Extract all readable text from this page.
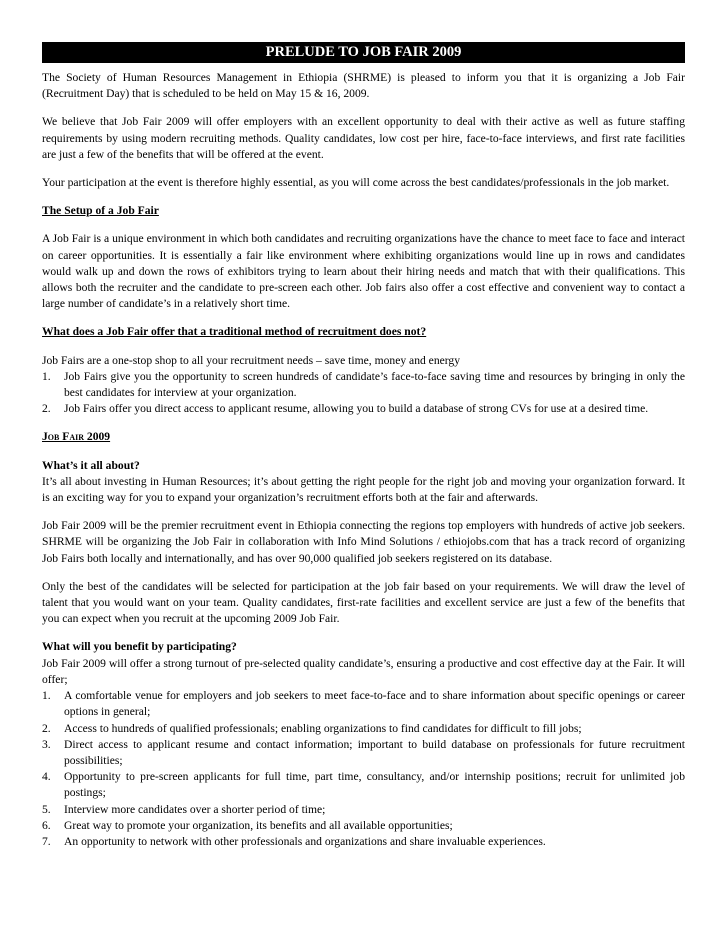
PRELUDE TO JOB FAIR 2009

The Society of Human Resources Management in Ethiopia (SHRME) is pleased to inform you that it is organizing a Job Fair (Recruitment Day) that is scheduled to be held on May 15 & 16, 2009.

We believe that Job Fair 2009 will offer employers with an excellent opportunity to deal with their active as well as future staffing requirements by using modern recruiting methods. Quality candidates, low cost per hire, face-to-face interviews, and first rate facilities are just a few of the benefits that will be offered at the event.

Your participation at the event is therefore highly essential, as you will come across the best candidates/professionals in the job market.

The Setup of a Job Fair

A Job Fair is a unique environment in which both candidates and recruiting organizations have the chance to meet face to face and interact on career opportunities. It is essentially a fair like environment where exhibiting organizations would line up in rows and candidates would walk up and down the rows of exhibitors trying to learn about their hiring needs and match that with their qualifications. This allows both the recruiter and the candidate to pre-screen each other. Job fairs also offer a cost effective and convenient way to contact a large number of candidate’s in a relatively short time.

What does a Job Fair offer that a traditional method of recruitment does not?
Job Fairs are a one-stop shop to all your recruitment needs – save time, money and energy
1. Job Fairs give you the opportunity to screen hundreds of candidate’s face-to-face saving time and resources by bringing in only the best candidates for interview at your organization.
2. Job Fairs offer you direct access to applicant resume, allowing you to build a database of strong CVs for use at a desired time.
Job Fair 2009
What’s it all about?
It’s all about investing in Human Resources; it’s about getting the right people for the right job and moving your organization forward. It is an exciting way for you to expand your organization’s recruitment efforts both at the fair and afterwards.

Job Fair 2009 will be the premier recruitment event in Ethiopia connecting the regions top employers with hundreds of active job seekers. SHRME will be organizing the Job Fair in collaboration with Info Mind Solutions / ethiojobs.com that has a track record of organizing Job Fairs both locally and internationally, and has over 90,000 qualified job seekers registered on its database.

Only the best of the candidates will be selected for participation at the job fair based on your requirements. We will draw the level of talent that you would want on your team. Quality candidates, first-rate facilities and excellent service are just a few of the benefits that you can expect when you recruit at the upcoming 2009 Job Fair.

What will you benefit by participating?
Job Fair 2009 will offer a strong turnout of pre-selected quality candidate’s, ensuring a productive and cost effective day at the Fair. It will offer;
1. A comfortable venue for employers and job seekers to meet face-to-face and to share information about specific openings or career options in general;
2. Access to hundreds of qualified professionals; enabling organizations to find candidates for difficult to fill jobs;
3. Direct access to applicant resume and contact information; important to build database on professionals for future recruitment possibilities;
4. Opportunity to pre-screen applicants for full time, part time, consultancy, and/or internship positions; recruit for unlimited job postings;
5. Interview more candidates over a shorter period of time;
6. Great way to promote your organization, its benefits and all available opportunities;
7. An opportunity to network with other professionals and organizations and share invaluable experiences.
